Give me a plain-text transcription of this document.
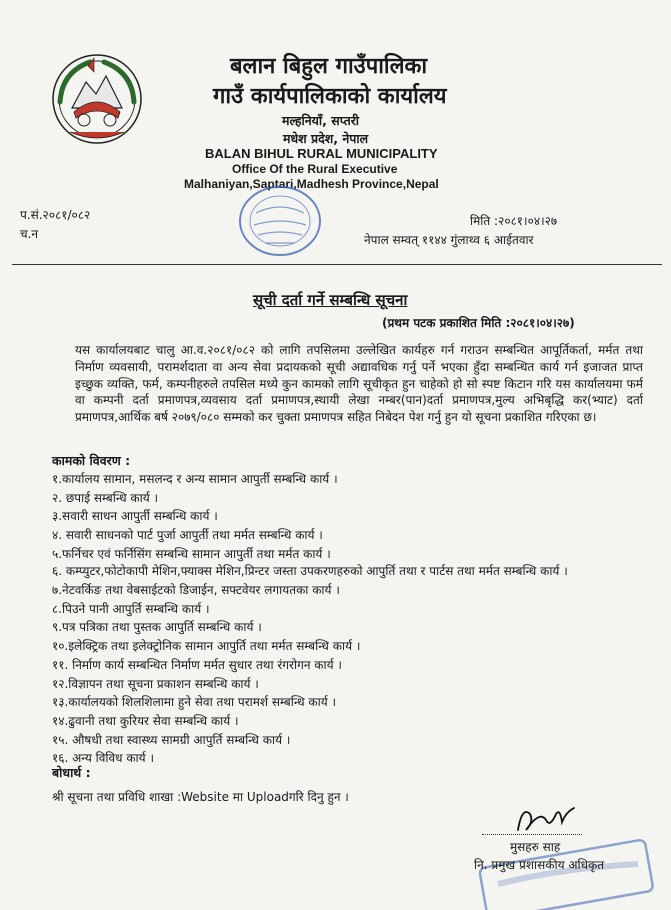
बलान बिहुल गाउँपालिका
गाउँ कार्यपालिकाको कार्यालय
मल्हनियाँ, सप्तरी
मधेश प्रदेश, नेपाल
BALAN BIHUL RURAL MUNICIPALITY
Office Of the Rural Executive
Malhaniyan,Saptari,Madhesh Province,Nepal
प.सं.२०८१/०८२
च.न
मिति :२०८१।०४।२७
नेपाल सम्वत् ११४४ गुंलाथ्व ६ आईतवार
सूची दर्ता गर्ने सम्बन्धि सूचना
(प्रथम पटक प्रकाशित मिति :२०८१।०४।२७)
यस कार्यालयबाट चालु आ.व.२०८१/०८२ को लागि तपसिलमा उल्लेखित कार्यहरु गर्न गराउन सम्बन्धित आपूर्तिकर्ता, मर्मत तथा निर्माण व्यवसायी, परामर्शदाता वा अन्य सेवा प्रदायकको सूची अद्यावधिक गर्नु पर्ने भएका हुँदा सम्बन्धित कार्य गर्न इजाजत प्राप्त इच्छुक व्यक्ति, फर्म, कम्पनीहरुले तपसिल मध्ये कुन कामको लागि सूचीकृत हुन चाहेको हो सो स्पष्ट किटान गरि यस कार्यालयमा फर्म वा कम्पनी दर्ता प्रमाणपत्र,व्यवसाय दर्ता प्रमाणपत्र,स्थायी लेखा नम्बर(पान)दर्ता प्रमाणपत्र,मुल्य अभिबृद्धि कर(भ्याट) दर्ता प्रमाणपत्र,आर्थिक बर्ष २०७९/०८० सम्मको कर चुक्ता प्रमाणपत्र सहित निबेदन पेश गर्नु हुन यो सूचना प्रकाशित गरिएका छ।
कामको विवरण :
१.कार्यालय सामान, मसलन्द र अन्य सामान आपुर्ती सम्बन्धि कार्य ।
२. छपाई सम्बन्धि कार्य ।
३.सवारी साधन आपुर्ती सम्बन्धि कार्य ।
४. सवारी साधनको पार्ट पुर्जा आपुर्ती तथा मर्मत सम्बन्धि कार्य ।
५.फर्निचर एवं फर्निसिंग सम्बन्धि सामान आपुर्ती तथा मर्मत कार्य ।
६. कम्प्युटर,फोटोकापी मेशिन,फ्याक्स मेशिन,प्रिन्टर जस्ता उपकरणहरुको आपुर्ति तथा र पार्टस तथा मर्मत सम्बन्धि कार्य ।
७.नेटवर्किङ तथा वेबसाईटको डिजाईन, सफ्टवेयर लगायतका कार्य ।
८.पिउने पानी आपुर्ति सम्बन्धि कार्य ।
९.पत्र पत्रिका तथा पुस्तक आपुर्ति सम्बन्धि कार्य ।
१०.इलेक्ट्रिक तथा इलेक्ट्रोनिक सामान आपुर्ति तथा मर्मत सम्बन्धि कार्य ।
११. निर्माण कार्य सम्बन्धित निर्माण मर्मत सुधार तथा रंगरोगन कार्य ।
१२.विज्ञापन तथा सूचना प्रकाशन सम्बन्धि कार्य ।
१३.कार्यालयको शिलशिलामा हुने सेवा तथा परामर्श सम्बन्धि कार्य ।
१४.ढुवानी तथा कुरियर सेवा सम्बन्धि कार्य ।
१५. औषधी तथा स्वास्थ्य सामग्री आपुर्ति सम्बन्धि कार्य ।
१६. अन्य विविध कार्य ।
बोधार्थ :
श्री सूचना तथा प्रविधि शाखा :Website मा Uploadगरि दिनु हुन ।
मुसहरु साह
नि. प्रमुख प्रशासकीय अधिकृत
